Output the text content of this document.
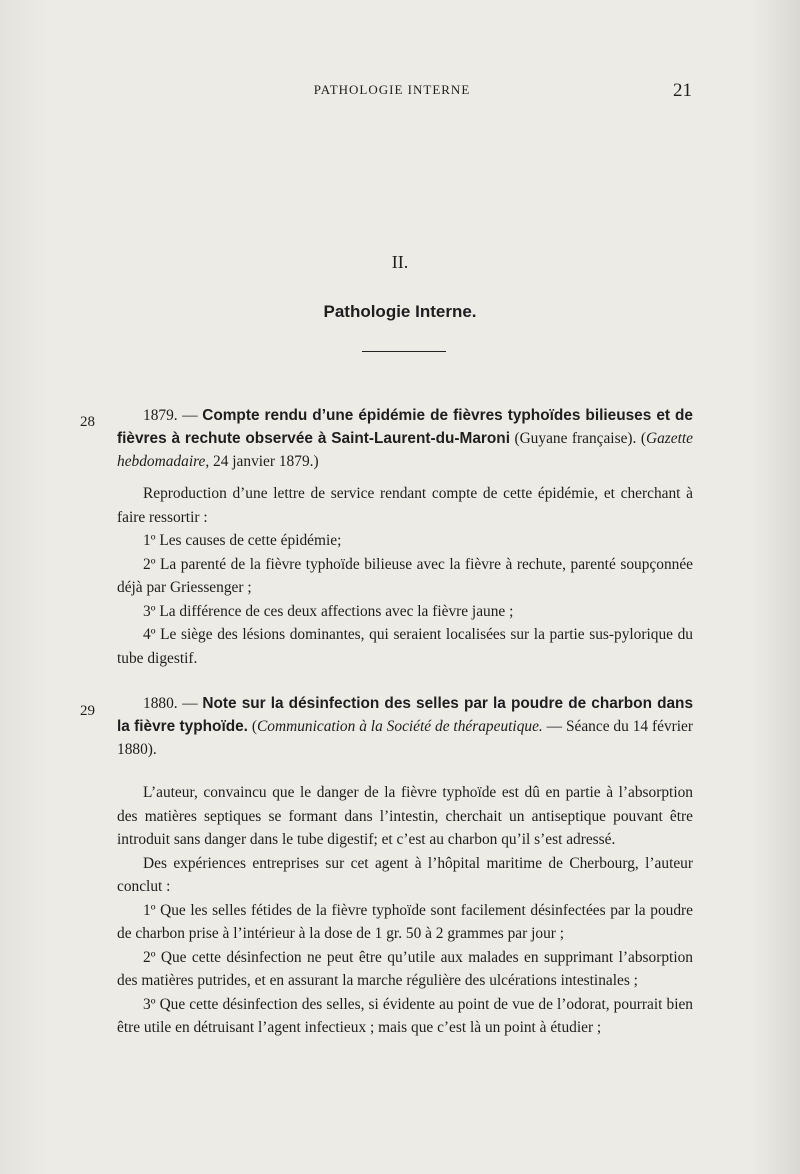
PATHOLOGIE INTERNE	21
II.
Pathologie Interne.
28	1879. — Compte rendu d’une épidémie de fièvres typhoïdes bilieuses et de fièvres à rechute observée à Saint-Laurent-du-Maroni (Guyane française). (Gazette hebdomadaire, 24 janvier 1879.)

Reproduction d’une lettre de service rendant compte de cette épidémie, et cherchant à faire ressortir :

1º Les causes de cette épidémie;

2º La parenté de la fièvre typhoïde bilieuse avec la fièvre à rechute, parenté soupçonnée déjà par Griessenger ;

3º La différence de ces deux affections avec la fièvre jaune ;

4º Le siège des lésions dominantes, qui seraient localisées sur la partie sus-pylorique du tube digestif.

29	1880. — Note sur la désinfection des selles par la poudre de charbon dans la fièvre typhoïde. (Communication à la Société de thérapeutique. — Séance du 14 février 1880).

L’auteur, convaincu que le danger de la fièvre typhoïde est dû en partie à l’absorption des matières septiques se formant dans l’intestin, cherchait un antiseptique pouvant être introduit sans danger dans le tube digestif; et c’est au charbon qu’il s’est adressé.

Des expériences entreprises sur cet agent à l’hôpital maritime de Cherbourg, l’auteur conclut :

1º Que les selles fétides de la fièvre typhoïde sont facilement désinfectées par la poudre de charbon prise à l’intérieur à la dose de 1 gr. 50 à 2 grammes par jour ;

2º Que cette désinfection ne peut être qu’utile aux malades en supprimant l’absorption des matières putrides, et en assurant la marche régulière des ulcérations intestinales ;

3º Que cette désinfection des selles, si évidente au point de vue de l’odorat, pourrait bien être utile en détruisant l’agent infectieux ; mais que c’est là un point à étudier ;
